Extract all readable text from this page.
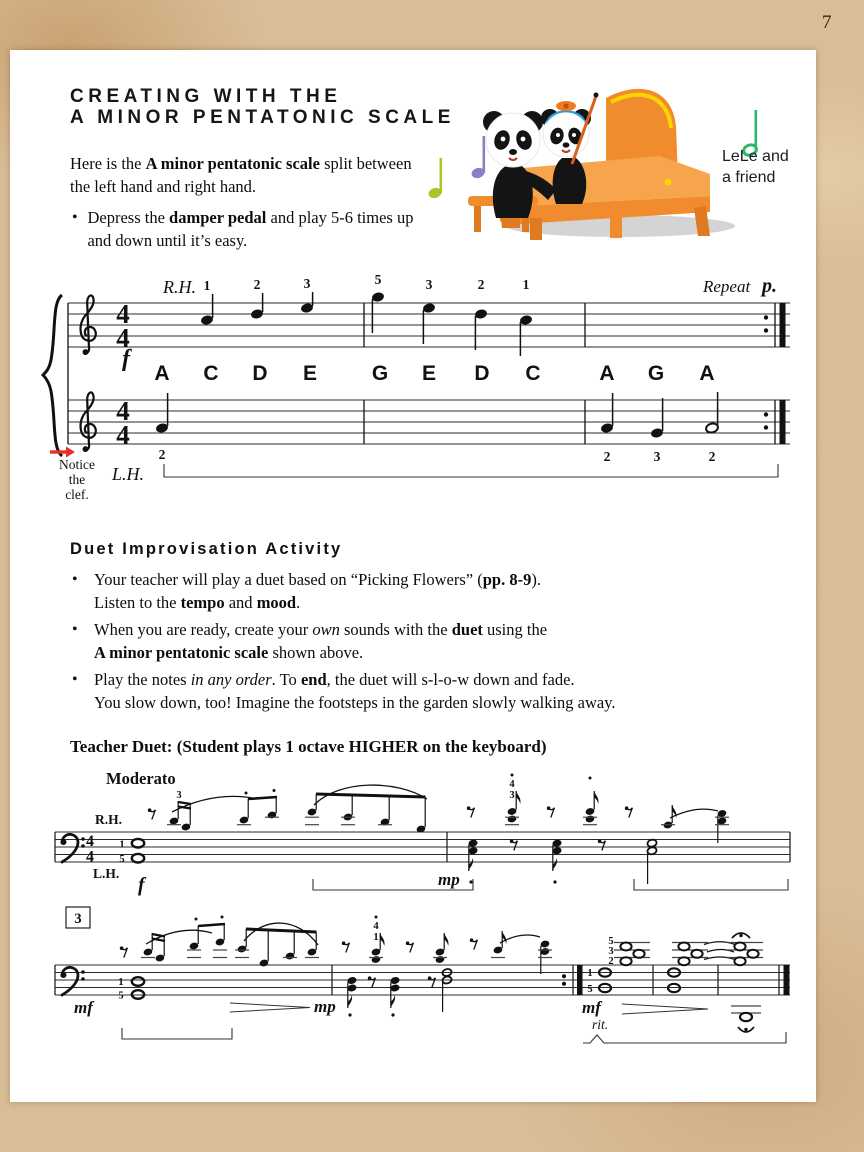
7
CREATING WITH THE
A MINOR PENTATONIC SCALE
Here is the A minor pentatonic scale split between the left hand and right hand.
• Depress the damper pedal and play 5-6 times up and down until it’s easy.
LeLe and
a friend
4
4
4
4
R.H.
f
Repeat p.
1	2	3	5	3	2	1
A C D E	G E D C	A G A
2	2	3	2
Notice
the
clef.
L.H.
Duet Improvisation Activity
• Your teacher will play a duet based on “Picking Flowers” (pp. 8-9).
Listen to the tempo and mood.
• When you are ready, create your own sounds with the duet using the
A minor pentatonic scale shown above.
• Play the notes in any order. To end, the duet will s-l-o-w down and fade.
You slow down, too! Imagine the footsteps in the garden slowly walking away.
Teacher Duet: (Student plays 1 octave HIGHER on the keyboard)
Moderato
4
4
R.H.
L.H.
f
1
5
3
4
3
mp
3
1
5
mf
4
1
mp
1
5
5
3
2
mf
rit.
